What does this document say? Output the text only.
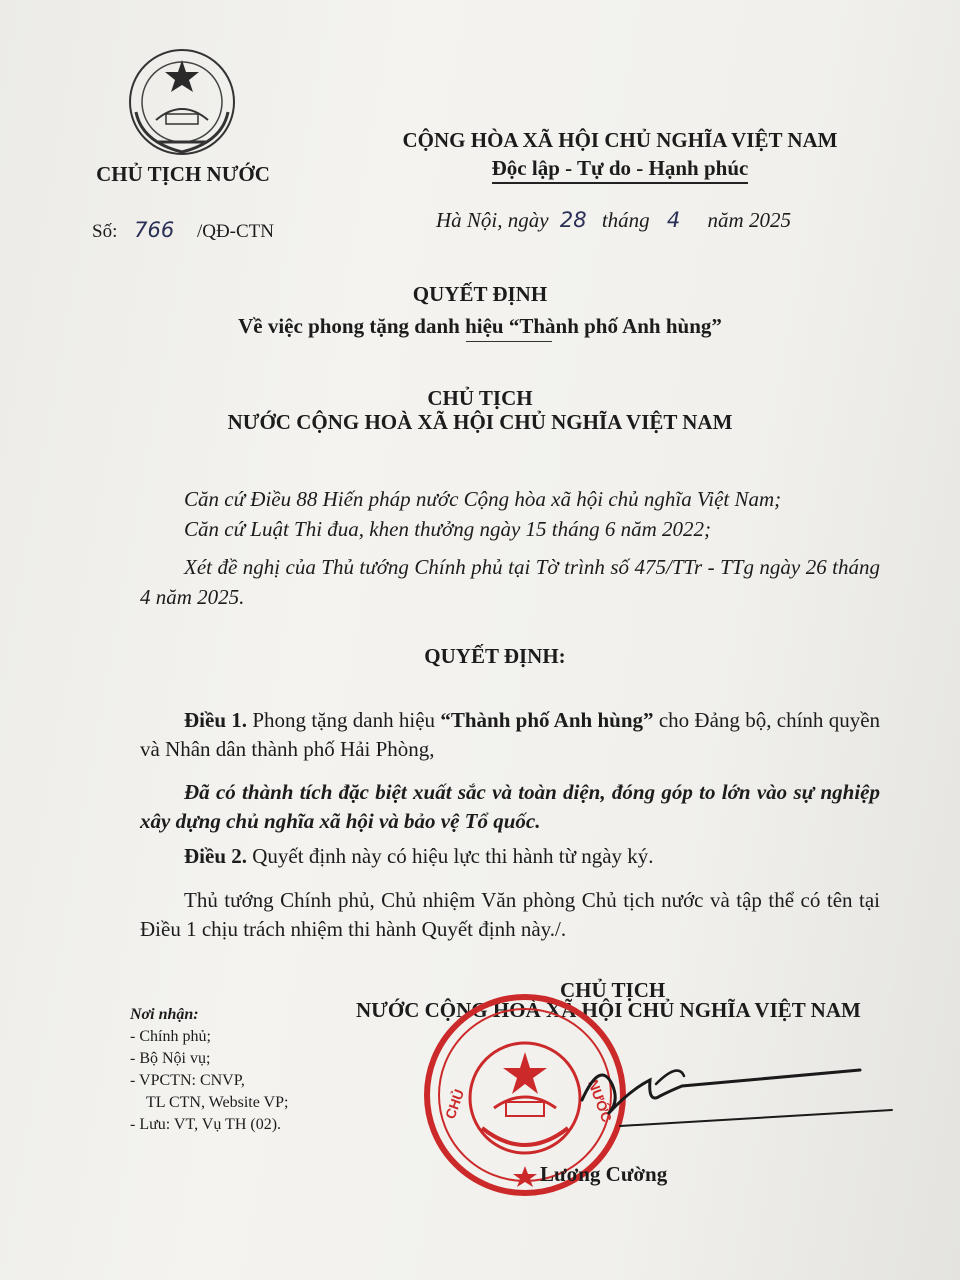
CHỦ TỊCH NƯỚC
Số: 766 /QĐ-CTN
CỘNG HÒA XÃ HỘI CHỦ NGHĨA VIỆT NAM
Độc lập - Tự do - Hạnh phúc
Hà Nội, ngày 28 tháng 4 năm 2025
QUYẾT ĐỊNH
Về việc phong tặng danh hiệu “Thành phố Anh hùng”
CHỦ TỊCH
NƯỚC CỘNG HOÀ XÃ HỘI CHỦ NGHĨA VIỆT NAM
Căn cứ Điều 88 Hiến pháp nước Cộng hòa xã hội chủ nghĩa Việt Nam;
Căn cứ Luật Thi đua, khen thưởng ngày 15 tháng 6 năm 2022;
Xét đề nghị của Thủ tướng Chính phủ tại Tờ trình số 475/TTr - TTg ngày 26 tháng 4 năm 2025.
QUYẾT ĐỊNH:
Điều 1. Phong tặng danh hiệu “Thành phố Anh hùng” cho Đảng bộ, chính quyền và Nhân dân thành phố Hải Phòng,
Đã có thành tích đặc biệt xuất sắc và toàn diện, đóng góp to lớn vào sự nghiệp xây dựng chủ nghĩa xã hội và bảo vệ Tổ quốc.
Điều 2. Quyết định này có hiệu lực thi hành từ ngày ký.
Thủ tướng Chính phủ, Chủ nhiệm Văn phòng Chủ tịch nước và tập thể có tên tại Điều 1 chịu trách nhiệm thi hành Quyết định này./.
Nơi nhận:
- Chính phủ;
- Bộ Nội vụ;
- VPCTN: CNVP,
TL CTN, Website VP;
- Lưu: VT, Vụ TH (02).
CHỦ TỊCH
NƯỚC CỘNG HOÀ XÃ HỘI CHỦ NGHĨA VIỆT NAM
CHỦ	NƯỚC
Lương Cường
